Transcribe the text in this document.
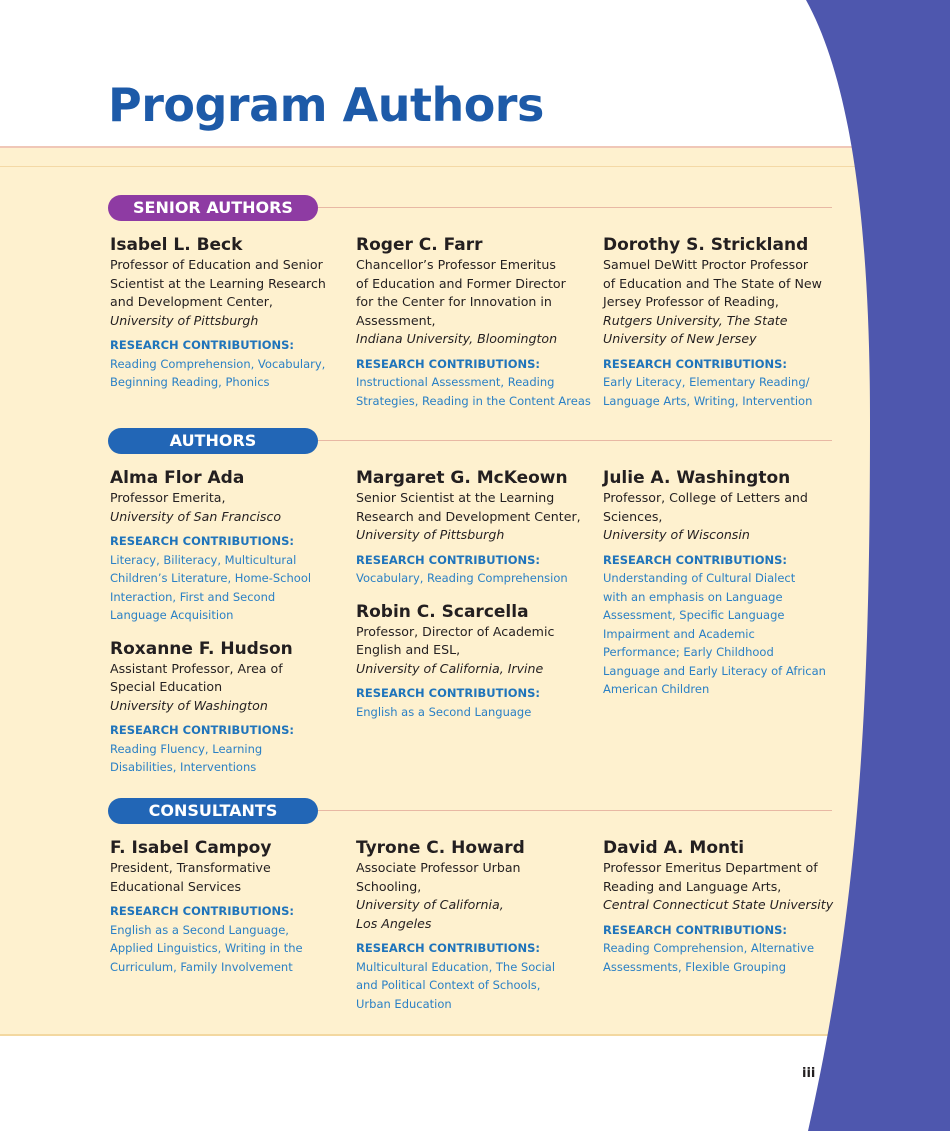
Program Authors
SENIOR AUTHORS
Isabel L. Beck
Professor of Education and Senior
Scientist at the Learning Research
and Development Center,
University of Pittsburgh
RESEARCH CONTRIBUTIONS:
Reading Comprehension, Vocabulary,
Beginning Reading, Phonics
Roger C. Farr
Chancellor’s Professor Emeritus
of Education and Former Director
for the Center for Innovation in
Assessment,
Indiana University, Bloomington
RESEARCH CONTRIBUTIONS:
Instructional Assessment, Reading
Strategies, Reading in the Content Areas
Dorothy S. Strickland
Samuel DeWitt Proctor Professor
of Education and The State of New
Jersey Professor of Reading,
Rutgers University, The State
University of New Jersey
RESEARCH CONTRIBUTIONS:
Early Literacy, Elementary Reading/
Language Arts, Writing, Intervention
AUTHORS
Alma Flor Ada
Professor Emerita,
University of San Francisco
RESEARCH CONTRIBUTIONS:
Literacy, Biliteracy, Multicultural
Children’s Literature, Home-School
Interaction, First and Second
Language Acquisition
Roxanne F. Hudson
Assistant Professor, Area of
Special Education
University of Washington
RESEARCH CONTRIBUTIONS:
Reading Fluency, Learning
Disabilities, Interventions
Margaret G. McKeown
Senior Scientist at the Learning
Research and Development Center,
University of Pittsburgh
RESEARCH CONTRIBUTIONS:
Vocabulary, Reading Comprehension
Robin C. Scarcella
Professor, Director of Academic
English and ESL,
University of California, Irvine
RESEARCH CONTRIBUTIONS:
English as a Second Language
Julie A. Washington
Professor, College of Letters and
Sciences,
University of Wisconsin
RESEARCH CONTRIBUTIONS:
Understanding of Cultural Dialect
with an emphasis on Language
Assessment, Specific Language
Impairment and Academic
Performance; Early Childhood
Language and Early Literacy of African
American Children
CONSULTANTS
F. Isabel Campoy
President, Transformative
Educational Services
RESEARCH CONTRIBUTIONS:
English as a Second Language,
Applied Linguistics, Writing in the
Curriculum, Family Involvement
Tyrone C. Howard
Associate Professor Urban
Schooling,
University of California,
Los Angeles
RESEARCH CONTRIBUTIONS:
Multicultural Education, The Social
and Political Context of Schools,
Urban Education
David A. Monti
Professor Emeritus Department of
Reading and Language Arts,
Central Connecticut State University
RESEARCH CONTRIBUTIONS:
Reading Comprehension, Alternative
Assessments, Flexible Grouping
iii
